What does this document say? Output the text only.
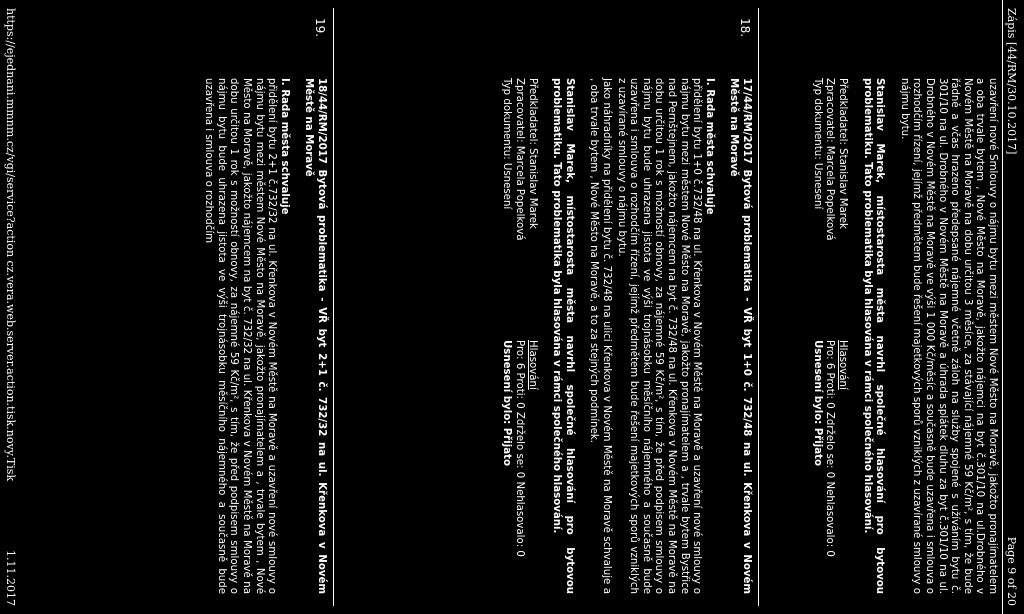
Zápis [44/RM/30.10.2017]
Page 9 of 20

uzavření nové Smlouvy o nájmu bytu mezi městem Nové Město na Moravě, jakožto pronajímatelem a oba trvale bytem , Nové Město na Moravě, jakožto nájemci na byt č.301/10 na ul.Drobného v Novém Městě na Moravě na dobu určitou 3 měsíce, za stávající nájemné 59 Kč/m², s tím, že bude řádně a včas hrazeno předepsané nájemné včetně záloh na služby spojené s užíváním bytu č. 301/10 na ul. Drobného v Novém Městě na Moravě a úhrada splátek dluhu za byt č.301/10 na ul. Drobného v Novém Městě na Moravě ve výši 1 000 Kč/měsíc a současně bude uzavřena i smlouva o rozhodčím řízení, jejímž předmětem bude řešení majetkových sporů vzniklých z uzavírané smlouvy o nájmu bytu.

Stanislav Marek, místostarosta města navrhl společné hlasování pro bytovou problematiku. Tato problematika byla hlasována v rámci společného hlasování.

Předkladatel: Stanislav Marek
Hlasování
Zpracovatel: Marcela Popelková
Pro: 6 Proti: 0 Zdrželo se: 0 Nehlasovalo: 0
Typ dokumentu: Usnesení
Usnesení bylo: Přijato
18.

17/44/RM/2017 Bytová problematika - VŘ byt 1+0 č. 732/48 na ul. Křenkova v Novém Městě na Moravě

I. Rada města schvaluje

přidělení bytu 1+0 č.732/48 na ul. Křenkova v Novém Městě na Moravě a uzavření nové smlouvy o nájmu bytu mezi městem Nové Město na Moravě, jakožto pronajímatelem a , trvale bytem Bystřice nad Pernštejnem, jakožto nájemcem na byt č. 732/48 na ul. Křenkova v Novém Městě na Moravě na dobu určitou 1 rok s možností obnovy, za nájemné 59 Kč/m², s tím, že před podpisem smlouvy o nájmu bytu bude uhrazena jistota ve výši trojnásobku měsíčního nájemného a současně bude uzavřena i smlouva o rozhodčím řízení, jejímž předmětem bude řešení majetkových sporů vzniklých z uzavírané smlouvy o nájmu bytu.

Jako náhradníky na přidělení bytu č. 732/48 na ulici Křenkova v Novém Městě na Moravě schvaluje a , oba trvale bytem , Nové Město na Moravě, a to za stejných podmínek.

Stanislav Marek, místostarosta města navrhl společné hlasování pro bytovou problematiku. Tato problematika byla hlasována v rámci společného hlasování.

Předkladatel: Stanislav Marek
Hlasování
Zpracovatel: Marcela Popelková
Pro: 6 Proti: 0 Zdrželo se: 0 Nehlasovalo: 0
Typ dokumentu: Usnesení
Usnesení bylo: Přijato
19.

18/44/RM/2017 Bytová problematika - VŘ byt 2+1 č. 732/32 na ul. Křenkova v Novém Městě na Moravě

I. Rada města schvaluje

přidělení bytu 2+1 č.732/32 na ul. Křenkova v Novém Městě na Moravě a uzavření nové smlouvy o nájmu bytu mezi městem Nové Město na Moravě, jakožto pronajímatelem a , trvale bytem , Nové Město na Moravě, jakožto nájemcem na byt č. 732/32 na ul. Křenkova v Novém Městě na Moravě na dobu určitou 1 rok s možností obnovy, za nájemné 59 Kč/m², s tím, že před podpisem smlouvy o nájmu bytu bude uhrazena jistota ve výši trojnásobku měsíčního nájemného a současně bude uzavřena i smlouva o rozhodčím

https://ejednani.mmnm.cz/vgi/service?action cz.vera.web.server.action.tisk.novy.Tisk
1.11.2017
